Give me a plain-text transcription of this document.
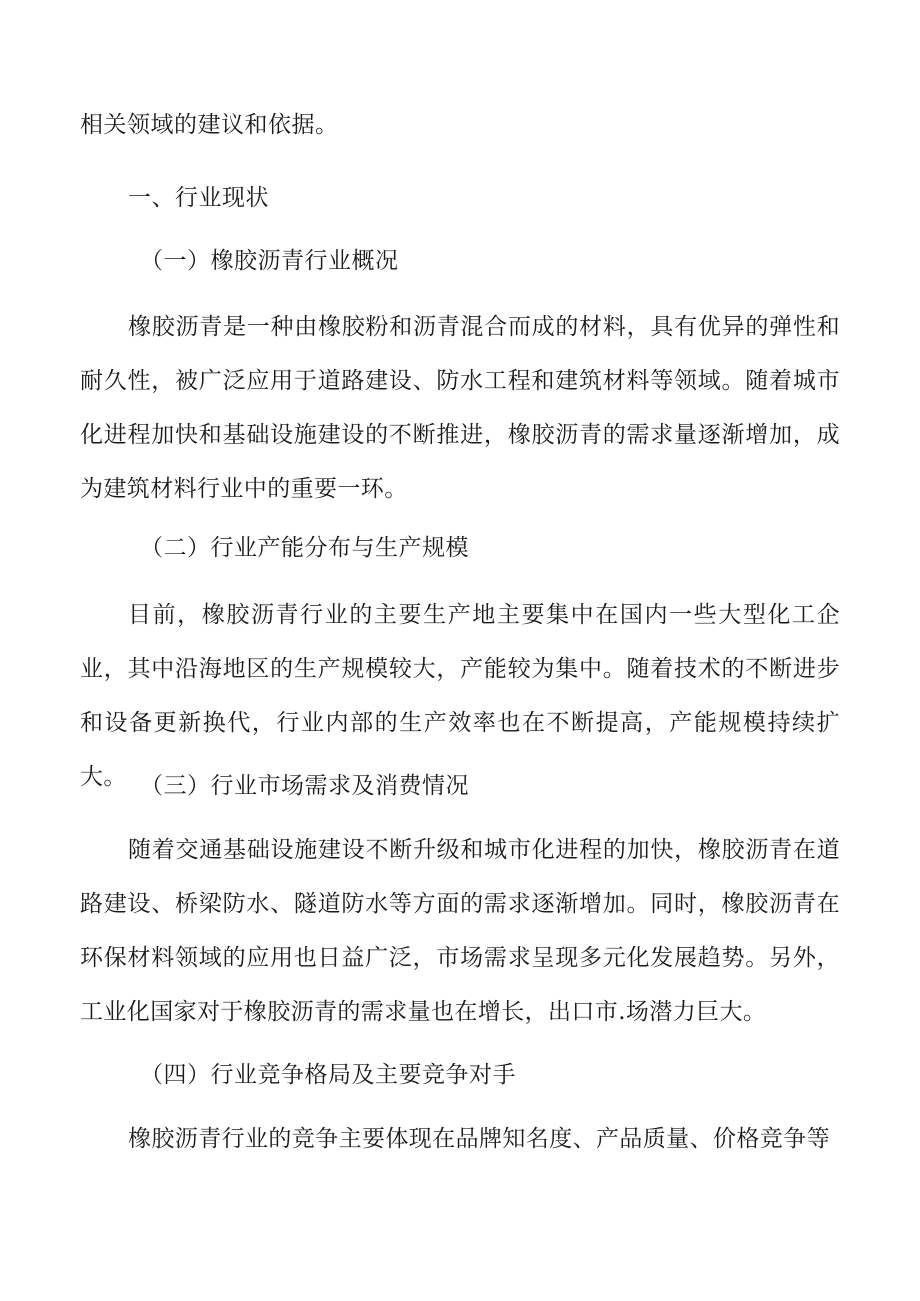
相关领域的建议和依据。

一、行业现状

（一）橡胶沥青行业概况

橡胶沥青是一种由橡胶粉和沥青混合而成的材料，具有优异的弹性和耐久性，被广泛应用于道路建设、防水工程和建筑材料等领域。随着城市化进程加快和基础设施建设的不断推进，橡胶沥青的需求量逐渐增加，成为建筑材料行业中的重要一环。

（二）行业产能分布与生产规模

目前，橡胶沥青行业的主要生产地主要集中在国内一些大型化工企业，其中沿海地区的生产规模较大，产能较为集中。随着技术的不断进步和设备更新换代，行业内部的生产效率也在不断提高，产能规模持续扩大。 （三）行业市场需求及消费情况

随着交通基础设施建设不断升级和城市化进程的加快，橡胶沥青在道路建设、桥梁防水、隧道防水等方面的需求逐渐增加。同时，橡胶沥青在环保材料领域的应用也日益广泛，市场需求呈现多元化发展趋势。另外，工业化国家对于橡胶沥青的需求量也在增长，出口市.场潜力巨大。

（四）行业竞争格局及主要竞争对手

橡胶沥青行业的竞争主要体现在品牌知名度、产品质量、价格竞争等
